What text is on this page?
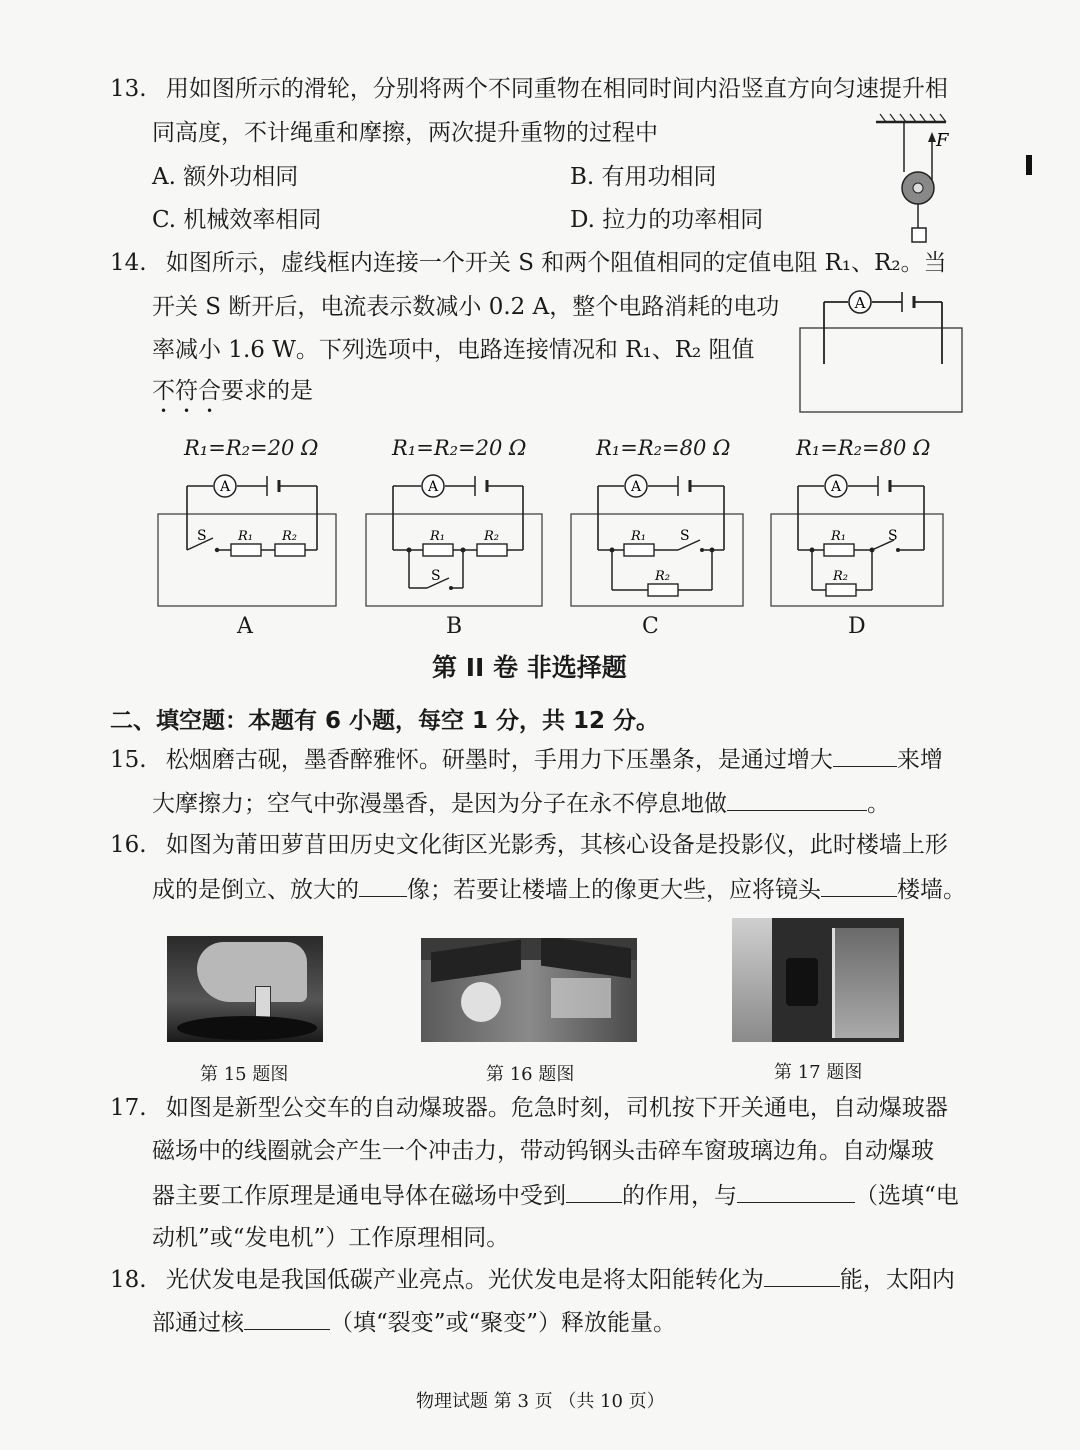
13. 用如图所示的滑轮，分别将两个不同重物在相同时间内沿竖直方向匀速提升相
同高度，不计绳重和摩擦，两次提升重物的过程中
A. 额外功相同	B. 有用功相同
C. 机械效率相同	D. 拉力的功率相同
F
14. 如图所示，虚线框内连接一个开关 S 和两个阻值相同的定值电阻 R₁、R₂。当
开关 S 断开后，电流表示数减小 0.2 A，整个电路消耗的电功
率减小 1.6 W。下列选项中，电路连接情况和 R₁、R₂ 阻值
不符合要求的是
A
R₁=R₂=20 Ω	R₁=R₂=20 Ω	R₁=R₂=80 Ω	R₁=R₂=80 Ω
A
S R₁ R₂
A
R₁	R₂
S
A
R₁ S
R₂
A
R₁	S
R₂
A	B	C	D
第 II 卷 非选择题
二、填空题：本题有 6 小题，每空 1 分，共 12 分。
15. 松烟磨古砚，墨香醉雅怀。研墨时，手用力下压墨条，是通过增大	来增
大摩擦力；空气中弥漫墨香，是因为分子在永不停息地做	。
16. 如图为莆田萝苜田历史文化街区光影秀，其核心设备是投影仪，此时楼墙上形
成的是倒立、放大的 像；若要让楼墙上的像更大些，应将镜头	楼墙。
第 15 题图	第 16 题图	第 17 题图
17. 如图是新型公交车的自动爆玻器。危急时刻，司机按下开关通电，自动爆玻器
磁场中的线圈就会产生一个冲击力，带动钨钢头击碎车窗玻璃边角。自动爆玻
器主要工作原理是通电导体在磁场中受到 的作用，与	（选填“电
动机”或“发电机”）工作原理相同。
18. 光伏发电是我国低碳产业亮点。光伏发电是将太阳能转化为	能，太阳内
部通过核	（填“裂变”或“聚变”）释放能量。
物理试题 第 3 页 （共 10 页）
